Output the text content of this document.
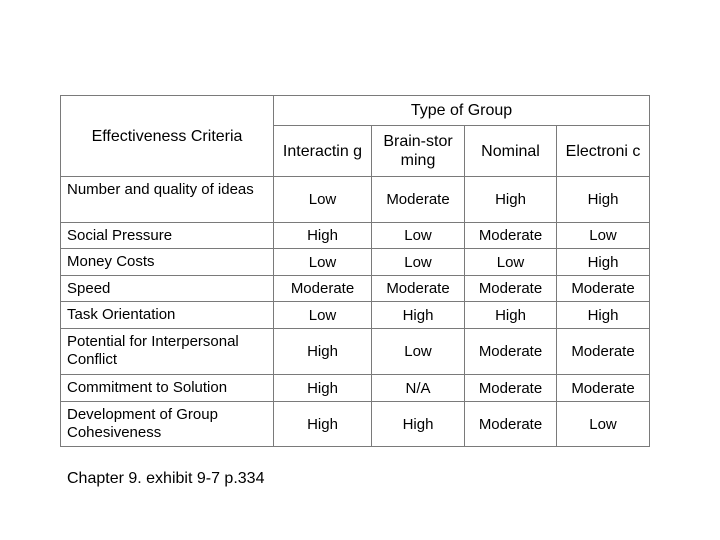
Effectiveness Criteria	Type of Group			
	Interactin g	Brain-stor ming	Nominal	Electroni c
Number and quality of ideas	Low	Moderate	High	High
Social Pressure	High	Low	Moderate	Low
Money Costs	Low	Low	Low	High
Speed	Moderate	Moderate	Moderate	Moderate
Task Orientation	Low	High	High	High
Potential for Interpersonal Conflict	High	Low	Moderate	Moderate
Commitment to Solution	High	N/A	Moderate	Moderate
Development of Group Cohesiveness	High	High	Moderate	Low
Chapter 9. exhibit 9-7 p.334
